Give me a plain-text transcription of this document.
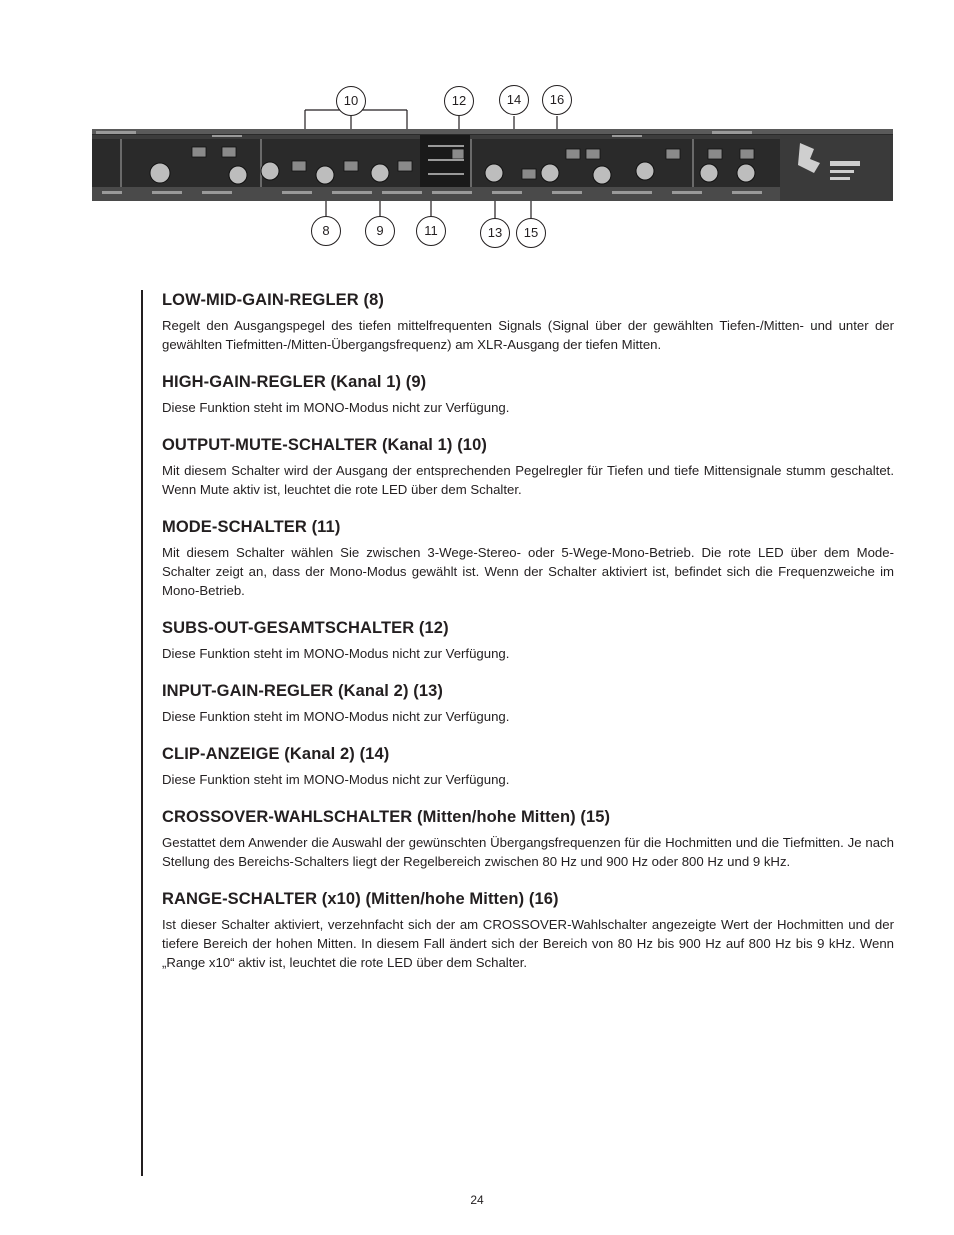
10	12	14	16
8	9	11	13	15
LOW-MID-GAIN-REGLER (8)

Regelt den Ausgangspegel des tiefen mittelfrequenten Signals (Signal über der gewählten Tiefen-/Mitten- und unter der gewählten Tiefmitten-/Mitten-Übergangsfrequenz) am XLR-Ausgang der tiefen Mitten.

HIGH-GAIN-REGLER (Kanal 1) (9)

Diese Funktion steht im MONO-Modus nicht zur Verfügung.

OUTPUT-MUTE-SCHALTER (Kanal 1) (10)

Mit diesem Schalter wird der Ausgang der entsprechenden Pegelregler für Tiefen und tiefe Mittensignale stumm geschaltet. Wenn Mute aktiv ist, leuchtet die rote LED über dem Schalter.

MODE-SCHALTER (11)

Mit diesem Schalter wählen Sie zwischen 3-Wege-Stereo- oder 5-Wege-Mono-Betrieb. Die rote LED über dem Mode-Schalter zeigt an, dass der Mono-Modus gewählt ist. Wenn der Schalter aktiviert ist, befindet sich die Frequenzweiche im Mono-Betrieb.

SUBS-OUT-GESAMTSCHALTER (12)

Diese Funktion steht im MONO-Modus nicht zur Verfügung.

INPUT-GAIN-REGLER (Kanal 2) (13)

Diese Funktion steht im MONO-Modus nicht zur Verfügung.

CLIP-ANZEIGE (Kanal 2) (14)

Diese Funktion steht im MONO-Modus nicht zur Verfügung.

CROSSOVER-WAHLSCHALTER (Mitten/hohe Mitten) (15)

Gestattet dem Anwender die Auswahl der gewünschten Übergangsfrequenzen für die Hochmitten und die Tiefmitten. Je nach Stellung des Bereichs-Schalters liegt der Regelbereich zwischen 80 Hz und 900 Hz oder 800 Hz und 9 kHz.

RANGE-SCHALTER (x10) (Mitten/hohe Mitten) (16)

Ist dieser Schalter aktiviert, verzehnfacht sich der am CROSSOVER-Wahlschalter angezeigte Wert der Hochmitten und der tiefere Bereich der hohen Mitten. In diesem Fall ändert sich der Bereich von 80 Hz bis 900 Hz auf 800 Hz bis 9 kHz. Wenn „Range x10“ aktiv ist, leuchtet die rote LED über dem Schalter.

24
